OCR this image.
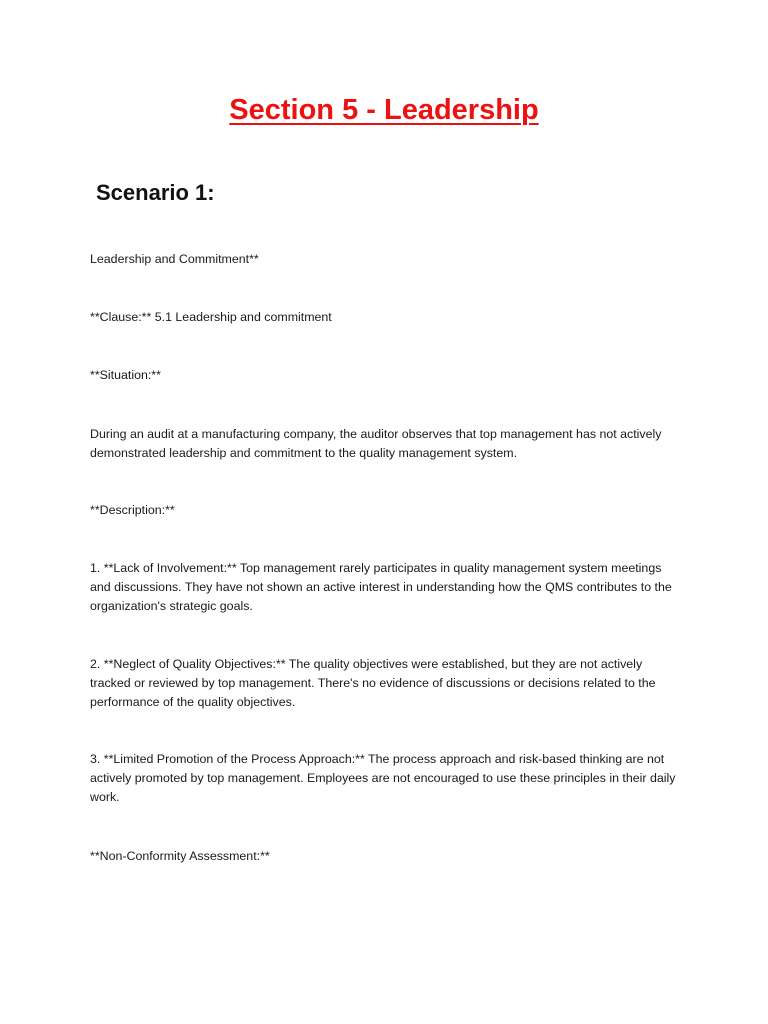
Section 5 - Leadership
Scenario 1:

Leadership and Commitment**

**Clause:** 5.1 Leadership and commitment

**Situation:**

During an audit at a manufacturing company, the auditor observes that top management has not actively demonstrated leadership and commitment to the quality management system.

**Description:**

1. **Lack of Involvement:** Top management rarely participates in quality management system meetings and discussions. They have not shown an active interest in understanding how the QMS contributes to the organization's strategic goals.

2. **Neglect of Quality Objectives:** The quality objectives were established, but they are not actively tracked or reviewed by top management. There's no evidence of discussions or decisions related to the performance of the quality objectives.

3. **Limited Promotion of the Process Approach:** The process approach and risk-based thinking are not actively promoted by top management. Employees are not encouraged to use these principles in their daily work.

**Non-Conformity Assessment:**
